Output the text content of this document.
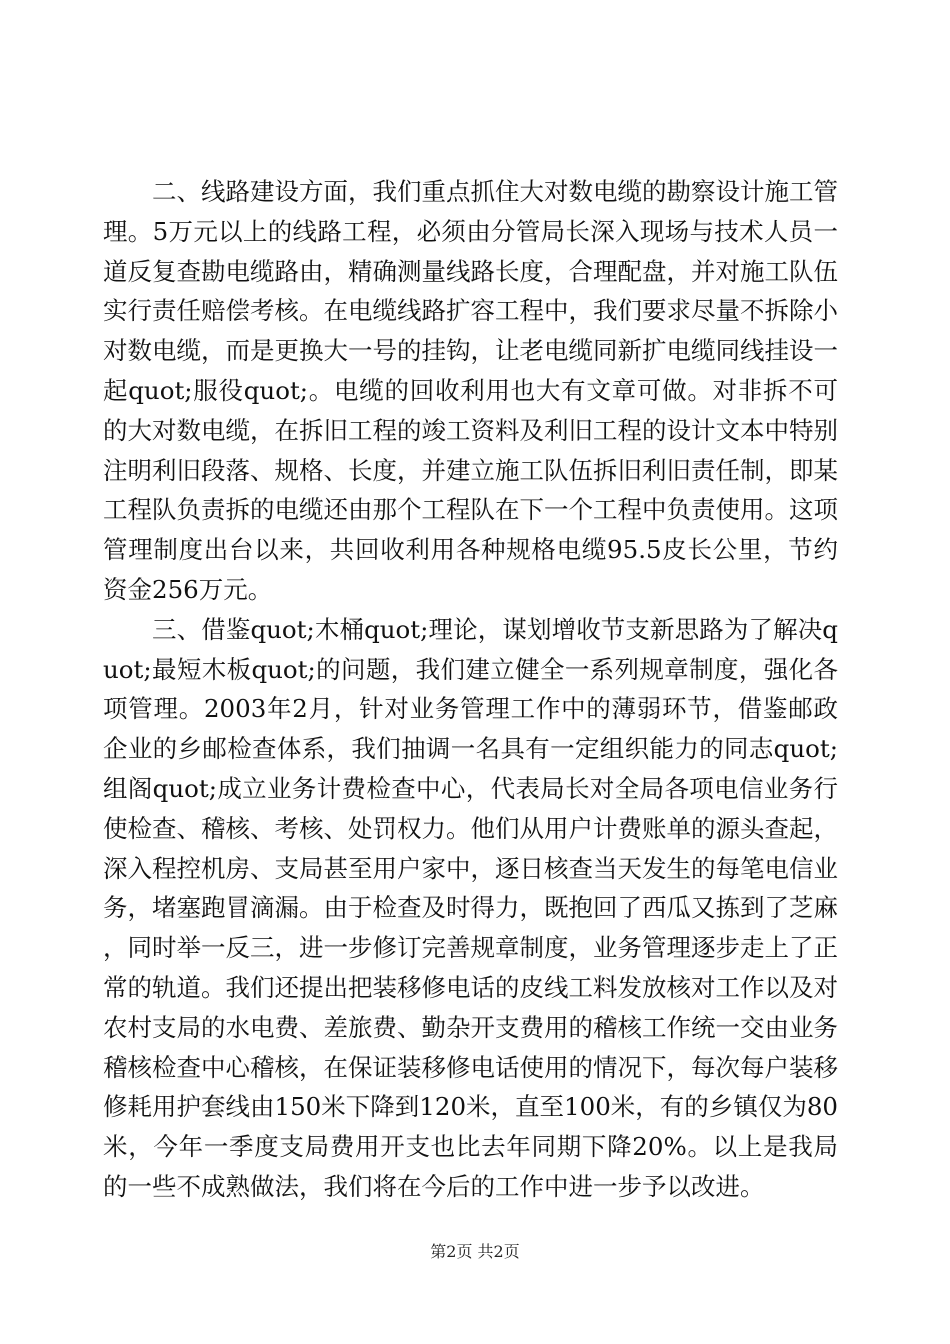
二、线路建设方面，我们重点抓住大对数电缆的勘察设计施工管理。5万元以上的线路工程，必须由分管局长深入现场与技术人员一道反复查勘电缆路由，精确测量线路长度，合理配盘，并对施工队伍实行责任赔偿考核。在电缆线路扩容工程中，我们要求尽量不拆除小对数电缆，而是更换大一号的挂钩，让老电缆同新扩电缆同线挂设一起quot;服役quot;。电缆的回收利用也大有文章可做。对非拆不可的大对数电缆，在拆旧工程的竣工资料及利旧工程的设计文本中特别注明利旧段落、规格、长度，并建立施工队伍拆旧利旧责任制，即某工程队负责拆的电缆还由那个工程队在下一个工程中负责使用。这项管理制度出台以来，共回收利用各种规格电缆95.5皮长公里，节约资金256万元。

三、借鉴quot;木桶quot;理论，谋划增收节支新思路为了解决quot;最短木板quot;的问题，我们建立健全一系列规章制度，强化各项管理。2003年2月，针对业务管理工作中的薄弱环节，借鉴邮政企业的乡邮检查体系，我们抽调一名具有一定组织能力的同志quot;组阁quot;成立业务计费检查中心，代表局长对全局各项电信业务行使检查、稽核、考核、处罚权力。他们从用户计费账单的源头查起，深入程控机房、支局甚至用户家中，逐日核查当天发生的每笔电信业务，堵塞跑冒滴漏。由于检查及时得力，既抱回了西瓜又拣到了芝麻，同时举一反三，进一步修订完善规章制度，业务管理逐步走上了正常的轨道。我们还提出把装移修电话的皮线工料发放核对工作以及对农村支局的水电费、差旅费、勤杂开支费用的稽核工作统一交由业务稽核检查中心稽核，在保证装移修电话使用的情况下，每次每户装移修耗用护套线由150米下降到120米，直至100米，有的乡镇仅为80米，今年一季度支局费用开支也比去年同期下降20%。以上是我局的一些不成熟做法，我们将在今后的工作中进一步予以改进。

第2页 共2页
